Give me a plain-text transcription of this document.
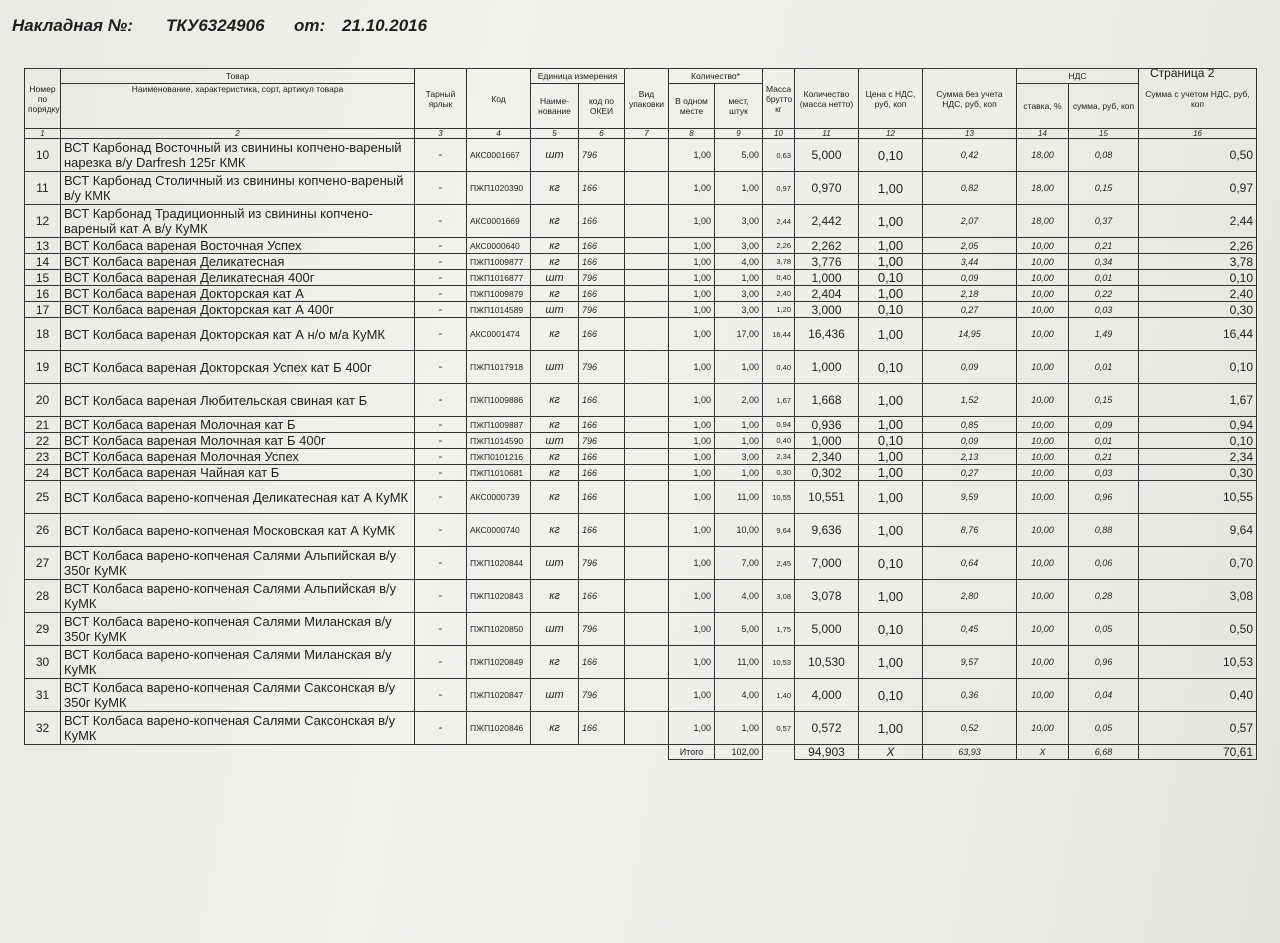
Накладная №: ТКУ6324906 от: 21.10.2016
Страница 2
Номер по порядку	Товар	Тарный ярлык	Код	Единица измерения		Вид упаковки	Количество*		Масса брутто кг	Количество (масса нетто)	Цена с НДС, руб, коп	Сумма без учета НДС, руб, коп	НДС		Сумма с учетом НДС, руб, коп
	Наименование, характеристика, сорт, артикул товара			Наиме-нование	код по ОКЕИ		В одном месте	мест, штук					ставка, %	сумма, руб, коп	
1	2	3	4	5	6	7	8	9	10	11	12	13	14	15	16
10	ВСТ Карбонад Восточный из свинины копчено-вареный нарезка в/у Darfresh 125г КМК	-	АКС0001667	шт	796		1,00	5,00	0,63	5,000	0,10	0,42	18,00	0,08	0,50
11	ВСТ Карбонад Столичный из свинины копчено-вареный в/у КМК	-	ПЖП1020390	кг	166		1,00	1,00	0,97	0,970	1,00	0,82	18,00	0,15	0,97
12	ВСТ Карбонад Традиционный из свинины копчено-вареный кат А в/у КуМК	-	АКС0001669	кг	166		1,00	3,00	2,44	2,442	1,00	2,07	18,00	0,37	2,44
13	ВСТ Колбаса вареная Восточная Успех	-	АКС0000640	кг	166		1,00	3,00	2,26	2,262	1,00	2,05	10,00	0,21	2,26
14	ВСТ Колбаса вареная Деликатесная	-	ПЖП1009877	кг	166		1,00	4,00	3,78	3,776	1,00	3,44	10,00	0,34	3,78
15	ВСТ Колбаса вареная Деликатесная 400г	-	ПЖП1016877	шт	796		1,00	1,00	0,40	1,000	0,10	0,09	10,00	0,01	0,10
16	ВСТ Колбаса вареная Докторская кат А	-	ПЖП1009879	кг	166		1,00	3,00	2,40	2,404	1,00	2,18	10,00	0,22	2,40
17	ВСТ Колбаса вареная Докторская кат А 400г	-	ПЖП1014589	шт	796		1,00	3,00	1,20	3,000	0,10	0,27	10,00	0,03	0,30
18	ВСТ Колбаса вареная Докторская кат А н/о м/а КуМК	-	АКС0001474	кг	166		1,00	17,00	16,44	16,436	1,00	14,95	10,00	1,49	16,44
19	ВСТ Колбаса вареная Докторская Успех кат Б 400г	-	ПЖП1017918	шт	796		1,00	1,00	0,40	1,000	0,10	0,09	10,00	0,01	0,10
20	ВСТ Колбаса вареная Любительская свиная кат Б	-	ПЖП1009886	кг	166		1,00	2,00	1,67	1,668	1,00	1,52	10,00	0,15	1,67
21	ВСТ Колбаса вареная Молочная кат Б	-	ПЖП1009887	кг	166		1,00	1,00	0,94	0,936	1,00	0,85	10,00	0,09	0,94
22	ВСТ Колбаса вареная Молочная кат Б 400г	-	ПЖП1014590	шт	796		1,00	1,00	0,40	1,000	0,10	0,09	10,00	0,01	0,10
23	ВСТ Колбаса вареная Молочная Успех	-	ПЖП0101216	кг	166		1,00	3,00	2,34	2,340	1,00	2,13	10,00	0,21	2,34
24	ВСТ Колбаса вареная Чайная кат Б	-	ПЖП1010681	кг	166		1,00	1,00	0,30	0,302	1,00	0,27	10,00	0,03	0,30
25	ВСТ Колбаса варено-копченая Деликатесная кат А КуМК	-	АКС0000739	кг	166		1,00	11,00	10,55	10,551	1,00	9,59	10,00	0,96	10,55
26	ВСТ Колбаса варено-копченая Московская кат А КуМК	-	АКС0000740	кг	166		1,00	10,00	9,64	9,636	1,00	8,76	10,00	0,88	9,64
27	ВСТ Колбаса варено-копченая Салями Альпийская в/у 350г КуМК	-	ПЖП1020844	шт	796		1,00	7,00	2,45	7,000	0,10	0,64	10,00	0,06	0,70
28	ВСТ Колбаса варено-копченая Салями Альпийская в/у КуМК	-	ПЖП1020843	кг	166		1,00	4,00	3,08	3,078	1,00	2,80	10,00	0,28	3,08
29	ВСТ Колбаса варено-копченая Салями Миланская в/у 350г КуМК	-	ПЖП1020850	шт	796		1,00	5,00	1,75	5,000	0,10	0,45	10,00	0,05	0,50
30	ВСТ Колбаса варено-копченая Салями Миланская в/у КуМК	-	ПЖП1020849	кг	166		1,00	11,00	10,53	10,530	1,00	9,57	10,00	0,96	10,53
31	ВСТ Колбаса варено-копченая Салями Саксонская в/у 350г КуМК	-	ПЖП1020847	шт	796		1,00	4,00	1,40	4,000	0,10	0,36	10,00	0,04	0,40
32	ВСТ Колбаса варено-копченая Салями Саксонская в/у КуМК	-	ПЖП1020846	кг	166		1,00	1,00	0,57	0,572	1,00	0,52	10,00	0,05	0,57
							Итого	102,00		94,903	Х	63,93	Х	6,68	70,61
